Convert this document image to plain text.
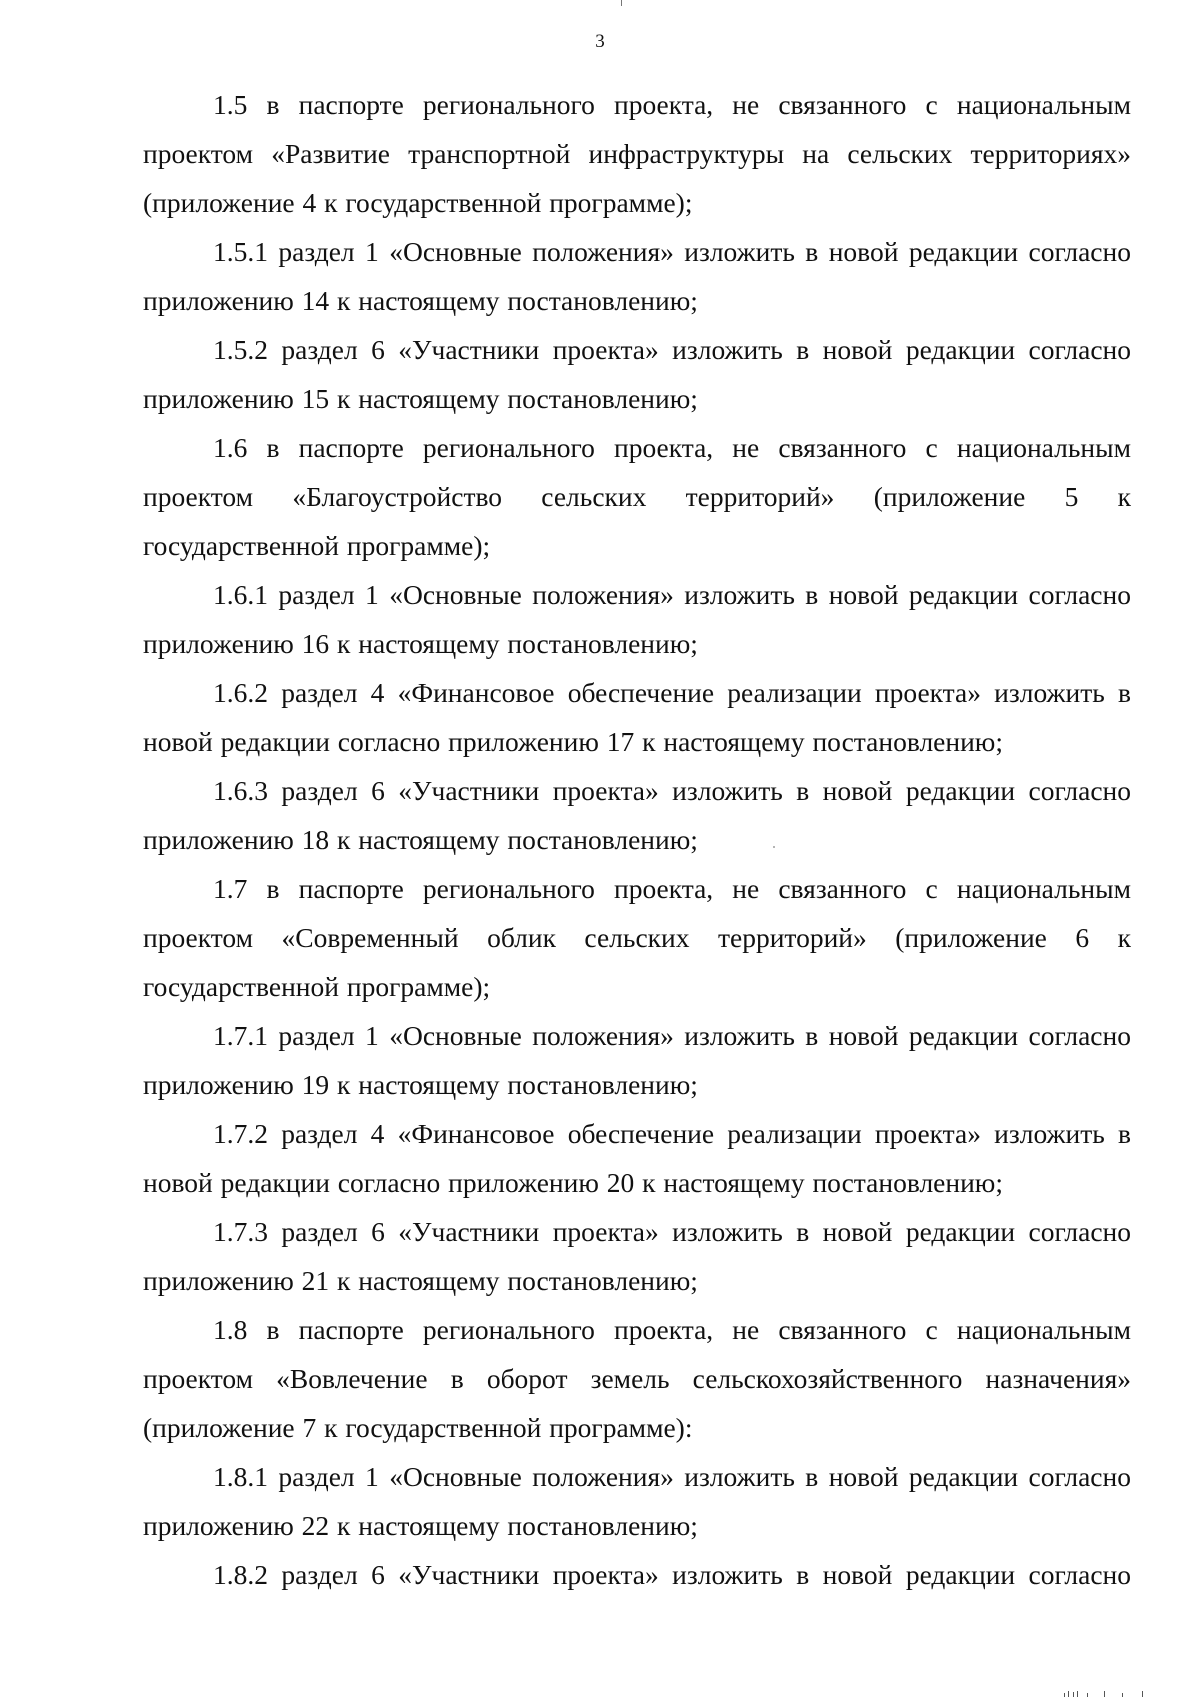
3

1.5 в паспорте регионального проекта, не связанного с национальным проектом «Развитие транспортной инфраструктуры на сельских территориях» (приложение 4 к государственной программе);

1.5.1 раздел 1 «Основные положения» изложить в новой редакции согласно приложению 14 к настоящему постановлению;

1.5.2 раздел 6 «Участники проекта» изложить в новой редакции согласно приложению 15 к настоящему постановлению;

1.6 в паспорте регионального проекта, не связанного с национальным проектом «Благоустройство сельских территорий» (приложение 5 к государственной программе);

1.6.1 раздел 1 «Основные положения» изложить в новой редакции согласно приложению 16 к настоящему постановлению;

1.6.2 раздел 4 «Финансовое обеспечение реализации проекта» изложить в новой редакции согласно приложению 17 к настоящему постановлению;

1.6.3 раздел 6 «Участники проекта» изложить в новой редакции согласно приложению 18 к настоящему постановлению;

1.7 в паспорте регионального проекта, не связанного с национальным проектом «Современный облик сельских территорий» (приложение 6 к государственной программе);

1.7.1 раздел 1 «Основные положения» изложить в новой редакции согласно приложению 19 к настоящему постановлению;

1.7.2 раздел 4 «Финансовое обеспечение реализации проекта» изложить в новой редакции согласно приложению 20 к настоящему постановлению;

1.7.3 раздел 6 «Участники проекта» изложить в новой редакции согласно приложению 21 к настоящему постановлению;

1.8 в паспорте регионального проекта, не связанного с национальным проектом «Вовлечение в оборот земель сельскохозяйственного назначения» (приложение 7 к государственной программе):

1.8.1 раздел 1 «Основные положения» изложить в новой редакции согласно приложению 22 к настоящему постановлению;

1.8.2 раздел 6 «Участники проекта» изложить в новой редакции согласно
